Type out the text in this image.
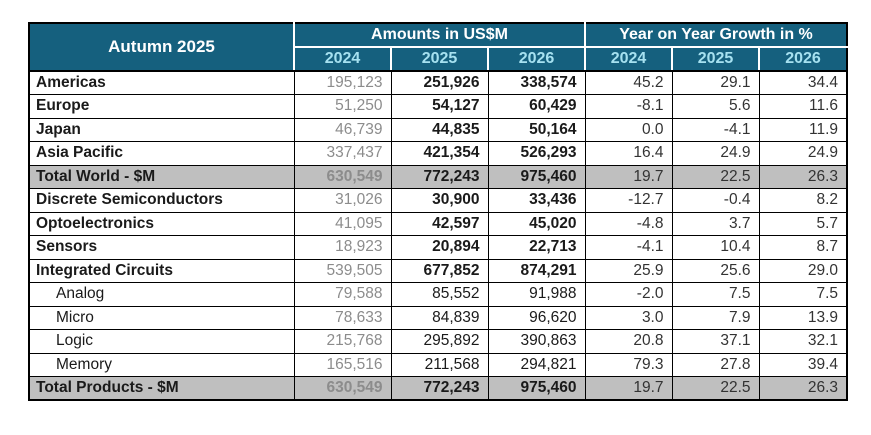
Autumn 2025	Amounts in US$M			Year on Year Growth in %		
	2024	2025	2026	2024	2025	2026
Americas	195,123	251,926	338,574	45.2	29.1	34.4
Europe	51,250	54,127	60,429	-8.1	5.6	11.6
Japan	46,739	44,835	50,164	0.0	-4.1	11.9
Asia Pacific	337,437	421,354	526,293	16.4	24.9	24.9
Total World - $M	630,549	772,243	975,460	19.7	22.5	26.3
Discrete Semiconductors	31,026	30,900	33,436	-12.7	-0.4	8.2
Optoelectronics	41,095	42,597	45,020	-4.8	3.7	5.7
Sensors	18,923	20,894	22,713	-4.1	10.4	8.7
Integrated Circuits	539,505	677,852	874,291	25.9	25.6	29.0
Analog	79,588	85,552	91,988	-2.0	7.5	7.5
Micro	78,633	84,839	96,620	3.0	7.9	13.9
Logic	215,768	295,892	390,863	20.8	37.1	32.1
Memory	165,516	211,568	294,821	79.3	27.8	39.4
Total Products - $M	630,549	772,243	975,460	19.7	22.5	26.3
